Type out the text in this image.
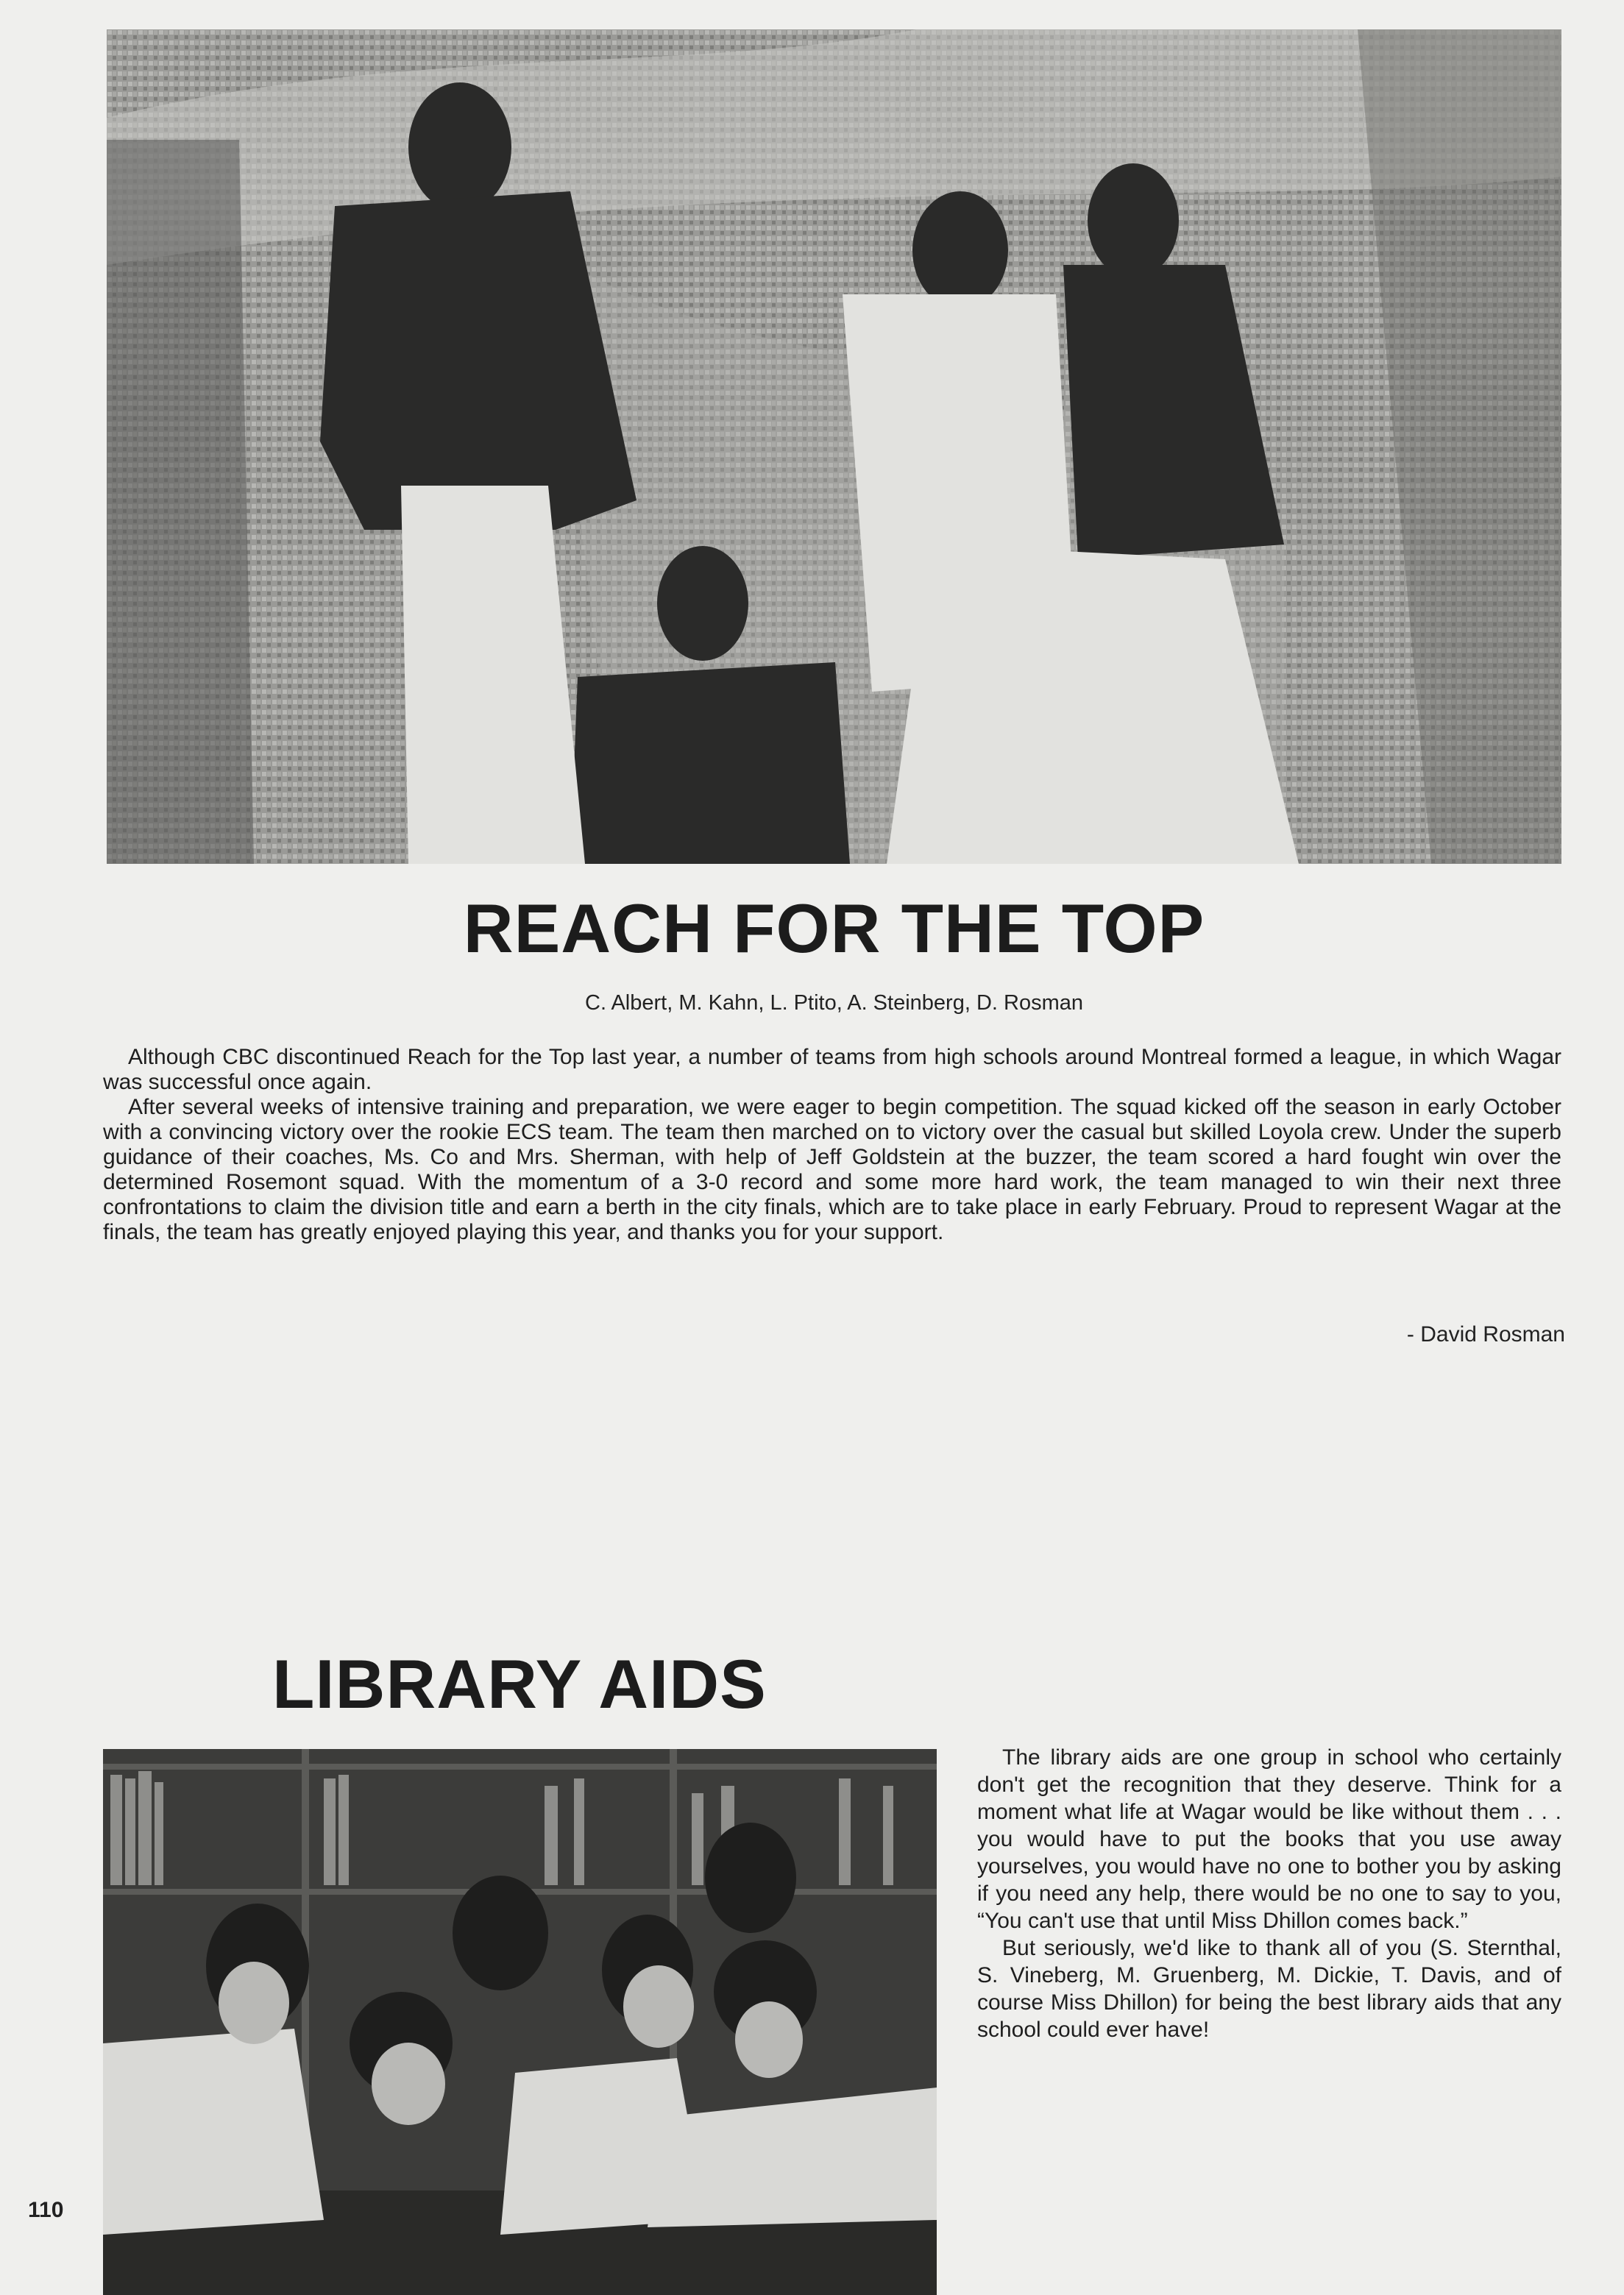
REACH FOR THE TOP
C. Albert, M. Kahn, L. Ptito, A. Steinberg, D. Rosman

Although CBC discontinued Reach for the Top last year, a number of teams from high schools around Montreal formed a league, in which Wagar was successful once again.

After several weeks of intensive training and preparation, we were eager to begin competition. The squad kicked off the season in early October with a convincing victory over the rookie ECS team. The team then marched on to victory over the casual but skilled Loyola crew. Under the superb guidance of their coaches, Ms. Co and Mrs. Sherman, with help of Jeff Goldstein at the buzzer, the team scored a hard fought win over the determined Rosemont squad. With the momentum of a 3-0 record and some more hard work, the team managed to win their next three confrontations to claim the division title and earn a berth in the city finals, which are to take place in early February. Proud to represent Wagar at the finals, the team has greatly enjoyed playing this year, and thanks you for your support.

- David Rosman
LIBRARY AIDS

The library aids are one group in school who certainly don't get the recognition that they deserve. Think for a moment what life at Wagar would be like without them . . . you would have to put the books that you use away yourselves, you would have no one to bother you by asking if you need any help, there would be no one to say to you, “You can't use that until Miss Dhillon comes back.”

But seriously, we'd like to thank all of you (S. Sternthal, S. Vineberg, M. Gruenberg, M. Dickie, T. Davis, and of course Miss Dhillon) for being the best library aids that any school could ever have!

110
